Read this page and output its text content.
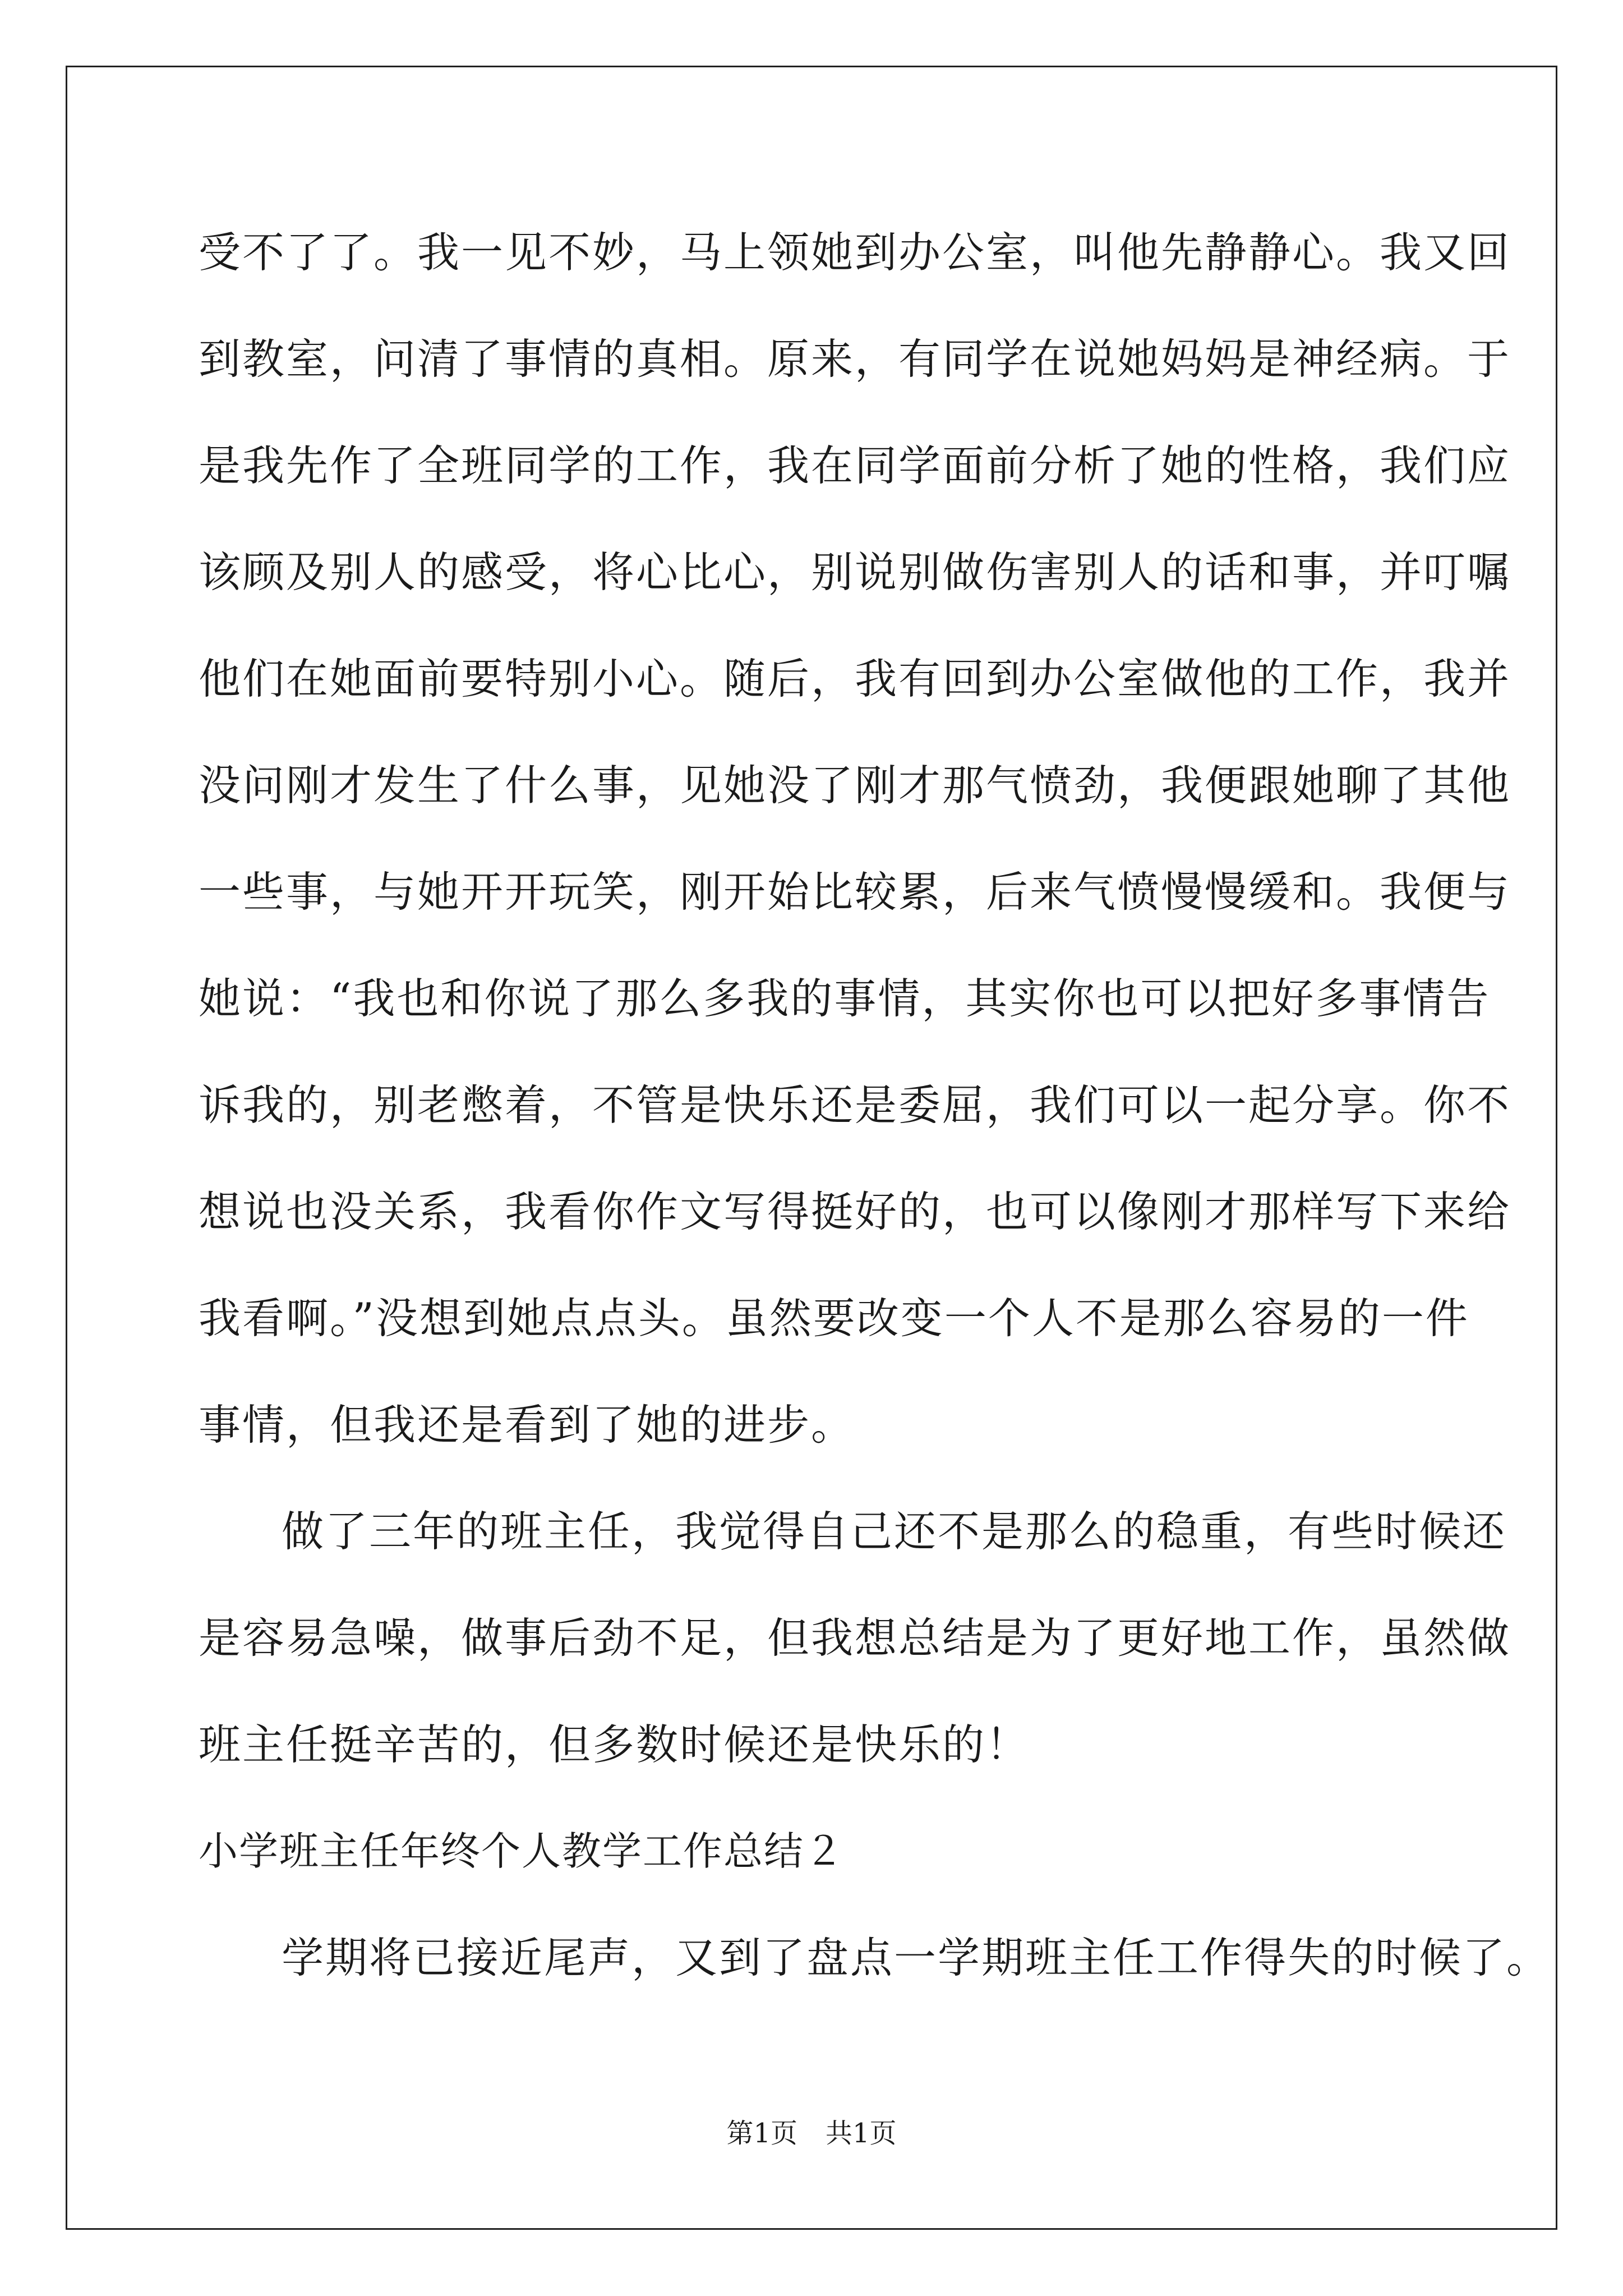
受不了了。我一见不妙，马上领她到办公室，叫他先静静心。我又回
到教室，问清了事情的真相。原来，有同学在说她妈妈是神经病。于
是我先作了全班同学的工作，我在同学面前分析了她的性格，我们应
该顾及别人的感受，将心比心，别说别做伤害别人的话和事，并叮嘱
他们在她面前要特别小心。随后，我有回到办公室做他的工作，我并
没问刚才发生了什么事，见她没了刚才那气愤劲，我便跟她聊了其他
一些事，与她开开玩笑，刚开始比较累，后来气愤慢慢缓和。我便与
她说：“我也和你说了那么多我的事情，其实你也可以把好多事情告
诉我的，别老憋着，不管是快乐还是委屈，我们可以一起分享。你不
想说也没关系，我看你作文写得挺好的，也可以像刚才那样写下来给
我看啊。”没想到她点点头。虽然要改变一个人不是那么容易的一件
事情，但我还是看到了她的进步。
做了三年的班主任，我觉得自己还不是那么的稳重，有些时候还
是容易急噪，做事后劲不足，但我想总结是为了更好地工作，虽然做
班主任挺辛苦的，但多数时候还是快乐的！
小学班主任年终个人教学工作总结２
学期将已接近尾声，又到了盘点一学期班主任工作得失的时候了。
第1页 共1页
